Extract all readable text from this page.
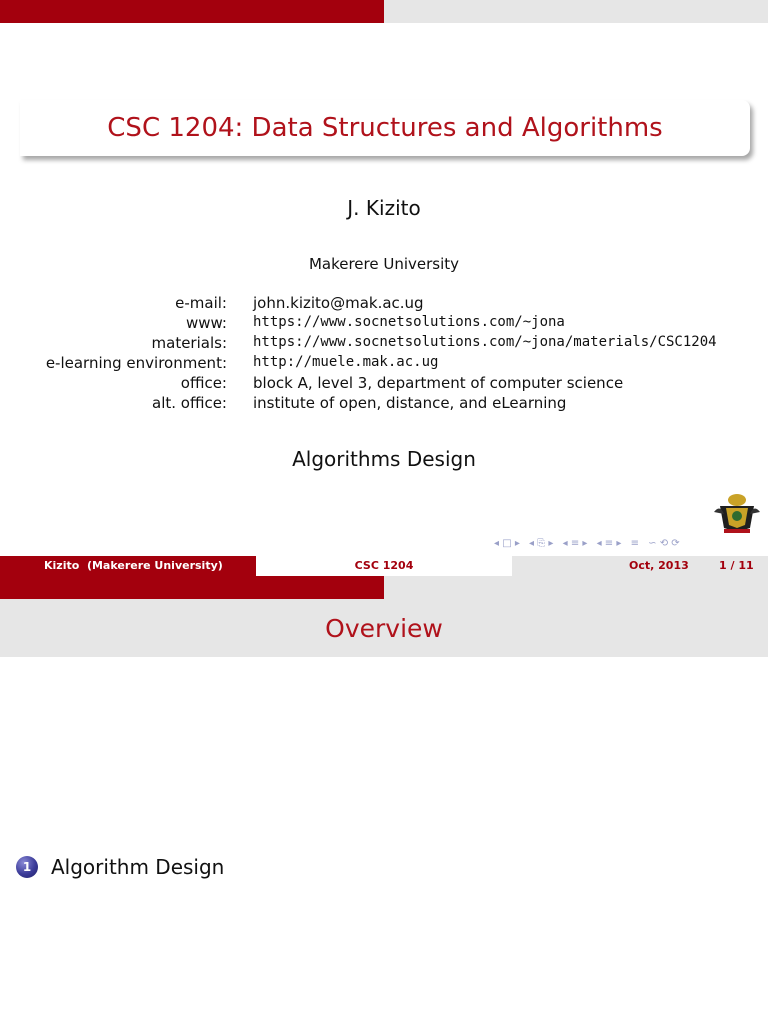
CSC 1204: Data Structures and Algorithms
J. Kizito
Makerere University
e-mail: john.kizito@mak.ac.ug
www: https://www.socnetsolutions.com/~jona
materials: https://www.socnetsolutions.com/~jona/materials/CSC1204
e-learning environment: http://muele.mak.ac.ug
office: block A, level 3, department of computer science
alt. office: institute of open, distance, and eLearning
Algorithms Design
◂ □ ▸ ◂ ⎘ ▸ ◂ ≡ ▸ ◂ ≡ ▸ ≡ ∽ ⟲ ⟳
Kizito  (Makerere University)	CSC 1204	Oct, 2013	1 / 11
Overview
1 Algorithm Design
